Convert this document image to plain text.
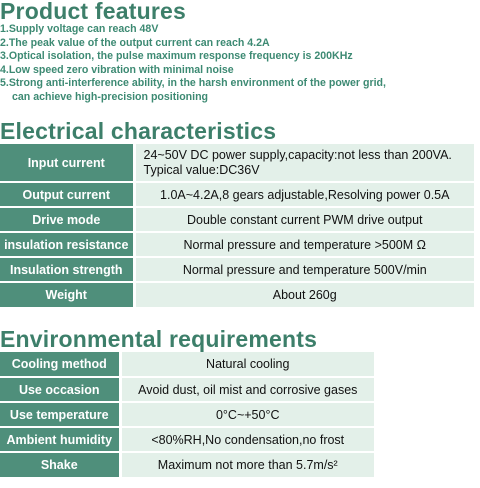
Product features
1.Supply voltage can reach 48V
2.The peak value of the output current can reach 4.2A
3.Optical isolation, the pulse maximum response frequency is 200KHz
4.Low speed zero vibration with minimal noise
5.Strong anti-interference ability, in the harsh environment of the power grid,
can achieve high-precision positioning
Electrical characteristics
Input current	24~50V DC power supply,capacity:not less than 200VA.
Typical value:DC36V

Output current	1.0A~4.2A,8 gears adjustable,Resolving power 0.5A
Drive mode	Double constant current PWM drive output
insulation resistance	Normal pressure and temperature >500M Ω
Insulation strength	Normal pressure and temperature 500V/min
Weight	About 260g
Environmental requirements
Cooling method	Natural cooling
Use occasion	Avoid dust, oil mist and corrosive gases
Use temperature	0°C~+50°C
Ambient humidity	<80%RH,No condensation,no frost
Shake	Maximum not more than 5.7m/s²
